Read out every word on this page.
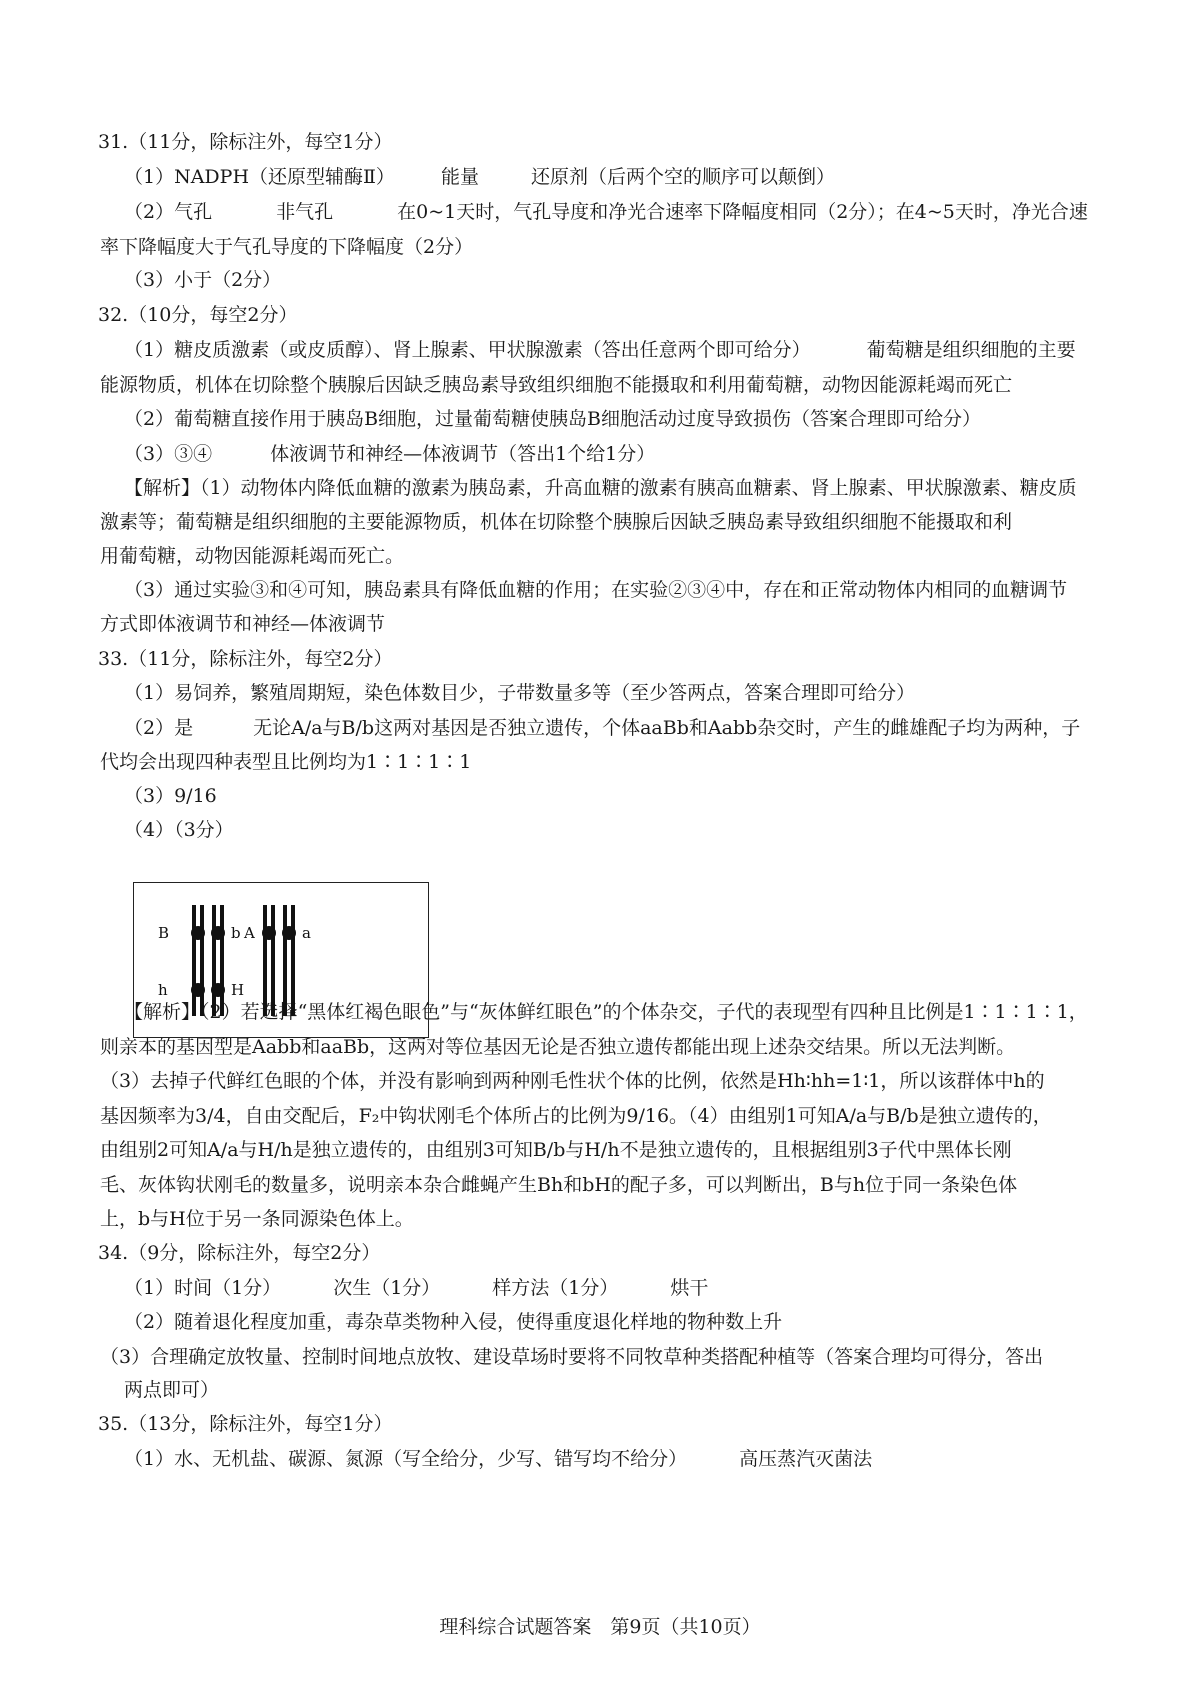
31.（11分，除标注外，每空1分）
（1）NADPH（还原型辅酶Ⅱ） 能量	还原剂（后两个空的顺序可以颠倒）
（2）气孔	非气孔	在0~1天时，气孔导度和净光合速率下降幅度相同（2分）；在4~5天时，净光合速
率下降幅度大于气孔导度的下降幅度（2分）
（3）小于（2分）
32.（10分，每空2分）
（1）糖皮质激素（或皮质醇）、肾上腺素、甲状腺激素（答出任意两个即可给分）	葡萄糖是组织细胞的主要
能源物质，机体在切除整个胰腺后因缺乏胰岛素导致组织细胞不能摄取和利用葡萄糖，动物因能源耗竭而死亡
（2）葡萄糖直接作用于胰岛B细胞，过量葡萄糖使胰岛B细胞活动过度导致损伤（答案合理即可给分）
（3）③④	体液调节和神经—体液调节（答出1个给1分）
【解析】（1）动物体内降低血糖的激素为胰岛素，升高血糖的激素有胰高血糖素、肾上腺素、甲状腺激素、糖皮质
激素等；葡萄糖是组织细胞的主要能源物质，机体在切除整个胰腺后因缺乏胰岛素导致组织细胞不能摄取和利
用葡萄糖，动物因能源耗竭而死亡。
（3）通过实验③和④可知，胰岛素具有降低血糖的作用；在实验②③④中，存在和正常动物体内相同的血糖调节
方式即体液调节和神经—体液调节
33.（11分，除标注外，每空2分）
（1）易饲养，繁殖周期短，染色体数目少，子带数量多等（至少答两点，答案合理即可给分）
（2）是	无论A/a与B/b这两对基因是否独立遗传，个体aaBb和Aabb杂交时，产生的雌雄配子均为两种，子
代均会出现四种表型且比例均为1∶1∶1∶1
（3）9/16
（4）（3分）
【解析】（2）若选择“黑体红褐色眼色”与“灰体鲜红眼色”的个体杂交，子代的表现型有四种且比例是1∶1∶1∶1，
则亲本的基因型是Aabb和aaBb，这两对等位基因无论是否独立遗传都能出现上述杂交结果。所以无法判断。
（3）去掉子代鲜红色眼的个体，并没有影响到两种刚毛性状个体的比例，依然是Hh∶hh=1∶1，所以该群体中h的
基因频率为3/4，自由交配后，F₂中钩状刚毛个体所占的比例为9/16。（4）由组别1可知A/a与B/b是独立遗传的，
由组别2可知A/a与H/h是独立遗传的，由组别3可知B/b与H/h不是独立遗传的，且根据组别3子代中黑体长刚
毛、灰体钩状刚毛的数量多，说明亲本杂合雌蝇产生Bh和bH的配子多，可以判断出，B与h位于同一条染色体
上，b与H位于另一条同源染色体上。
34.（9分，除标注外，每空2分）
（1）时间（1分）	次生（1分）	样方法（1分）	烘干
（2）随着退化程度加重，毒杂草类物种入侵，使得重度退化样地的物种数上升
（3）合理确定放牧量、控制时间地点放牧、建设草场时要将不同牧草种类搭配种植等（答案合理均可得分，答出
两点即可）
35.（13分，除标注外，每空1分）
（1）水、无机盐、碳源、氮源（写全给分，少写、错写均不给分）	高压蒸汽灭菌法
B	b
h	H
A	a
理科综合试题答案　第9页（共10页）
